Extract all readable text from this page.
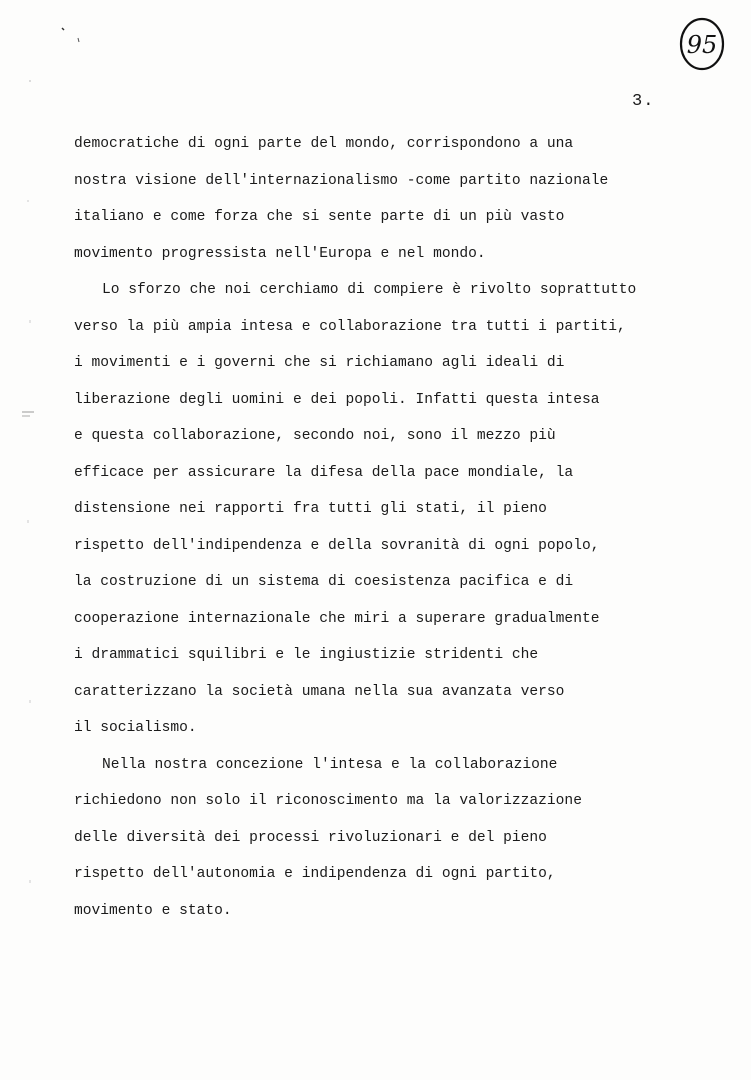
95
3.
democratiche di ogni parte del mondo, corrispondono a una
nostra visione dell'internazionalismo -come partito nazionale
italiano e come forza che si sente parte di un più vasto
movimento progressista nell'Europa e nel mondo.
Lo sforzo che noi cerchiamo di compiere è rivolto soprattutto
verso la più ampia intesa e collaborazione tra tutti i partiti,
i movimenti e i governi che si richiamano agli ideali di
liberazione degli uomini e dei popoli. Infatti questa intesa
e questa collaborazione, secondo noi, sono il mezzo più
efficace per assicurare la difesa della pace mondiale, la
distensione nei rapporti fra tutti gli stati, il pieno
rispetto dell'indipendenza e della sovranità di ogni popolo,
la costruzione di un sistema di coesistenza pacifica e di
cooperazione internazionale che miri a superare gradualmente
i drammatici squilibri e le ingiustizie stridenti che
caratterizzano la società umana nella sua avanzata verso
il socialismo.
Nella nostra concezione l'intesa e la collaborazione
richiedono non solo il riconoscimento ma la valorizzazione
delle diversità dei processi rivoluzionari e del pieno
rispetto dell'autonomia e indipendenza di ogni partito,
movimento e stato.
